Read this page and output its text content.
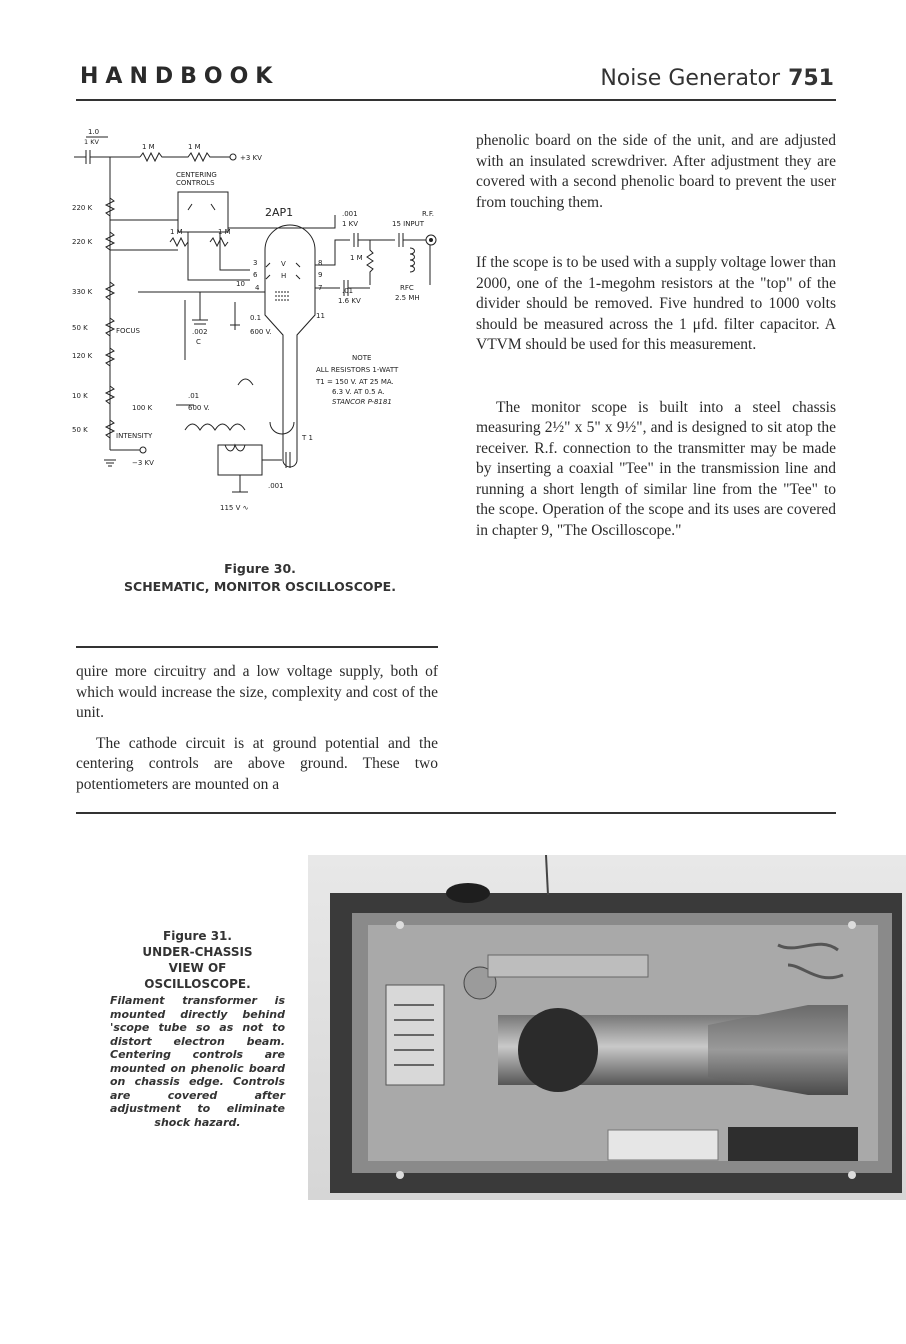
HANDBOOK	Noise Generator 751
1.0
1 KV
1 M	1 M
+3 KV
CENTERING
CONTROLS
220 K
220 K
330 K
50 K	FOCUS
120 K
10 K
100 K
50 K
INTENSITY
−3 KV
1 M	1 M
2AP1
3
6
8
9
10 4	7
11
V
H
.001
1 KV
R.F.
15 INPUT
1 M
RFC
2.5 MH
.01
1.6 KV
0.1
600 V.
.002
C
.01
600 V.
T 1
.001
115 V ∿
NOTE
ALL RESISTORS 1-WATT
T1 = 150 V. AT 25 MA.
6.3 V. AT 0.5 A.
STANCOR P-8181
Figure 30.
SCHEMATIC, MONITOR OSCILLOSCOPE.

phenolic board on the side of the unit, and are adjusted with an insulated screwdriver. After adjustment they are covered with a second phenolic board to prevent the user from touching them.

If the scope is to be used with a supply voltage lower than 2000, one of the 1-megohm resistors at the "top" of the divider should be removed. Five hundred to 1000 volts should be measured across the 1 μfd. filter capacitor. A VTVM should be used for this measurement.

The monitor scope is built into a steel chassis measuring 2½" x 5" x 9½", and is designed to sit atop the receiver. R.f. connection to the transmitter may be made by inserting a coaxial "Tee" in the transmission line and running a short length of similar line from the "Tee" to the scope. Operation of the scope and its uses are covered in chapter 9, "The Oscilloscope."

quire more circuitry and a low voltage supply, both of which would increase the size, complexity and cost of the unit.

The cathode circuit is at ground potential and the centering controls are above ground. These two potentiometers are mounted on a

Figure 31.
UNDER-CHASSIS
VIEW OF
OSCILLOSCOPE.
Filament transformer is mounted directly behind 'scope tube so as not to distort electron beam. Centering controls are mounted on phenolic board on chassis edge. Controls are covered after adjustment to eliminate shock hazard.
